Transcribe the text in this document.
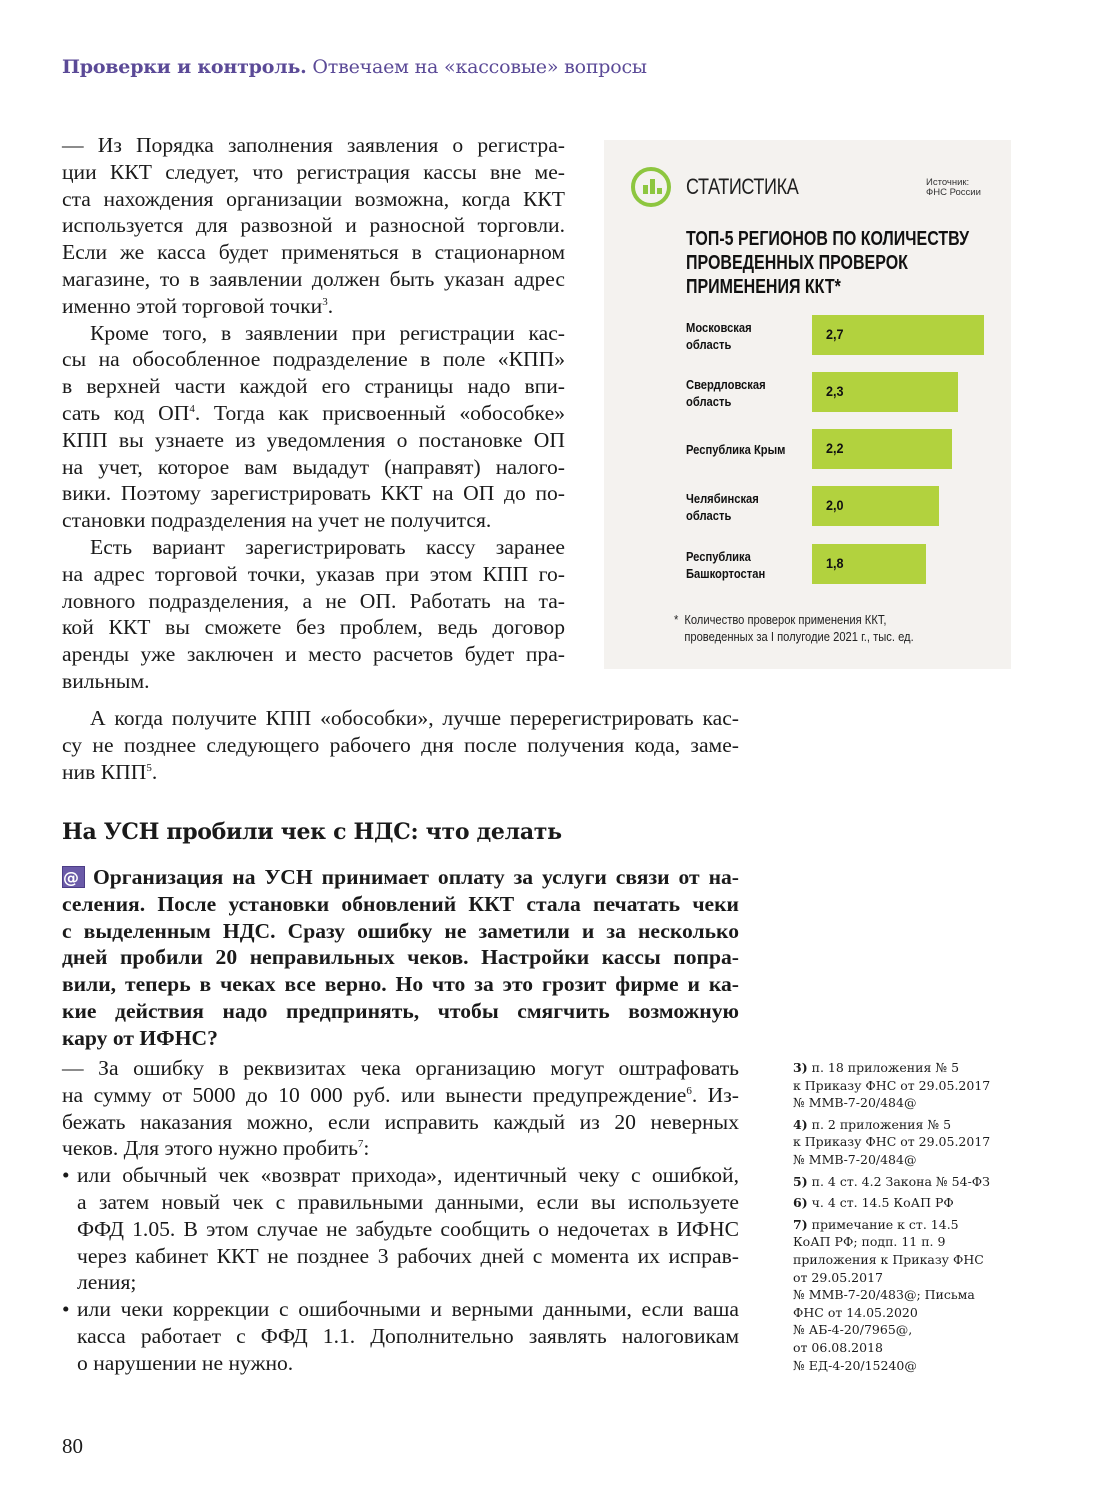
Проверки и контроль. Отвечаем на «кассовые» вопросы
— Из Порядка заполнения заявления о регистра-
ции ККТ следует, что регистрация кассы вне ме-
ста нахождения организации возможна, когда ККТ
используется для развозной и разносной торговли.
Если же касса будет применяться в стационарном
магазине, то в заявлении должен быть указан адрес
именно этой торговой точки$^3$.
Кроме того, в заявлении при регистрации кас-
сы на обособленное подразделение в поле «КПП»
в верхней части каждой его страницы надо впи-
сать код $ОП^4$. Тогда как присвоенный «обособке»
КПП вы узнаете из уведомления о постановке ОП
на учет, которое вам выдадут (направят) налого-
вики. Поэтому зарегистрировать ККТ на ОП до по-
становки подразделения на учет не получится.
Есть вариант зарегистрировать кассу заранее
на адрес торговой точки, указав при этом КПП го-
ловного подразделения, а не ОП. Работать на та-
кой ККТ вы сможете без проблем, ведь договор
аренды уже заключен и место расчетов будет пра-
вильным.
А когда получите КПП «обособки», лучше перерегистрировать кас-
су не позднее следующего рабочего дня после получения кода, заме-
нив КПП$^5$.
СТАТИСТИКА	Источник:
ФНС России
ТОП-5 РЕГИОНОВ ПО КОЛИЧЕСТВУ
ПРОВЕДЕННЫХ ПРОВЕРОК
ПРИМЕНЕНИЯ ККТ*
Московская
область
2,7
Свердловская
область
2,3
Республика Крым	2,2
Челябинская
область
2,0
Республика
Башкортостан
1,8
* Количество проверок применения ККТ,
проведенных за I полугодие 2021 г., тыс. ед.
На УСН пробили чек с НДС: что делать
@ Организация на УСН принимает оплату за услуги связи от на-
селения. После установки обновлений ККТ стала печатать чеки
с выделенным НДС. Сразу ошибку не заметили и за несколько
дней пробили 20 неправильных чеков. Настройки кассы попра-
вили, теперь в чеках все верно. Но что за это грозит фирме и ка-
кие действия надо предпринять, чтобы смягчить возможную
кару от ИФНС?
— За ошибку в реквизитах чека организацию могут оштрафовать
на сумму от 5000 до 10 000 руб. или вынести предупреждение$^6$. Из-
бежать наказания можно, если исправить каждый из 20 неверных
чеков. Для этого нужно пробить$^7$:
• или обычный чек «возврат прихода», идентичный чеку с ошибкой,
а затем новый чек с правильными данными, если вы используете
ФФД 1.05. В этом случае не забудьте сообщить о недочетах в ИФНС
через кабинет ККТ не позднее 3 рабочих дней с момента их исправ-
ления;
• или чеки коррекции с ошибочными и верными данными, если ваша
касса работает с ФФД 1.1. Дополнительно заявлять налоговикам
о нарушении не нужно.
3) п. 18 приложения № 5
к Приказу ФНС от 29.05.2017
№ ММВ-7-20/484@
4) п. 2 приложения № 5
к Приказу ФНС от 29.05.2017
№ ММВ-7-20/484@
5) п. 4 ст. 4.2 Закона № 54-ФЗ
6) ч. 4 ст. 14.5 КоАП РФ
7) примечание к ст. 14.5
КоАП РФ; подп. 11 п. 9
приложения к Приказу ФНС
от 29.05.2017
№ ММВ-7-20/483@; Письма
ФНС от 14.05.2020
№ АБ-4-20/7965@,
от 06.08.2018
№ ЕД-4-20/15240@
80
